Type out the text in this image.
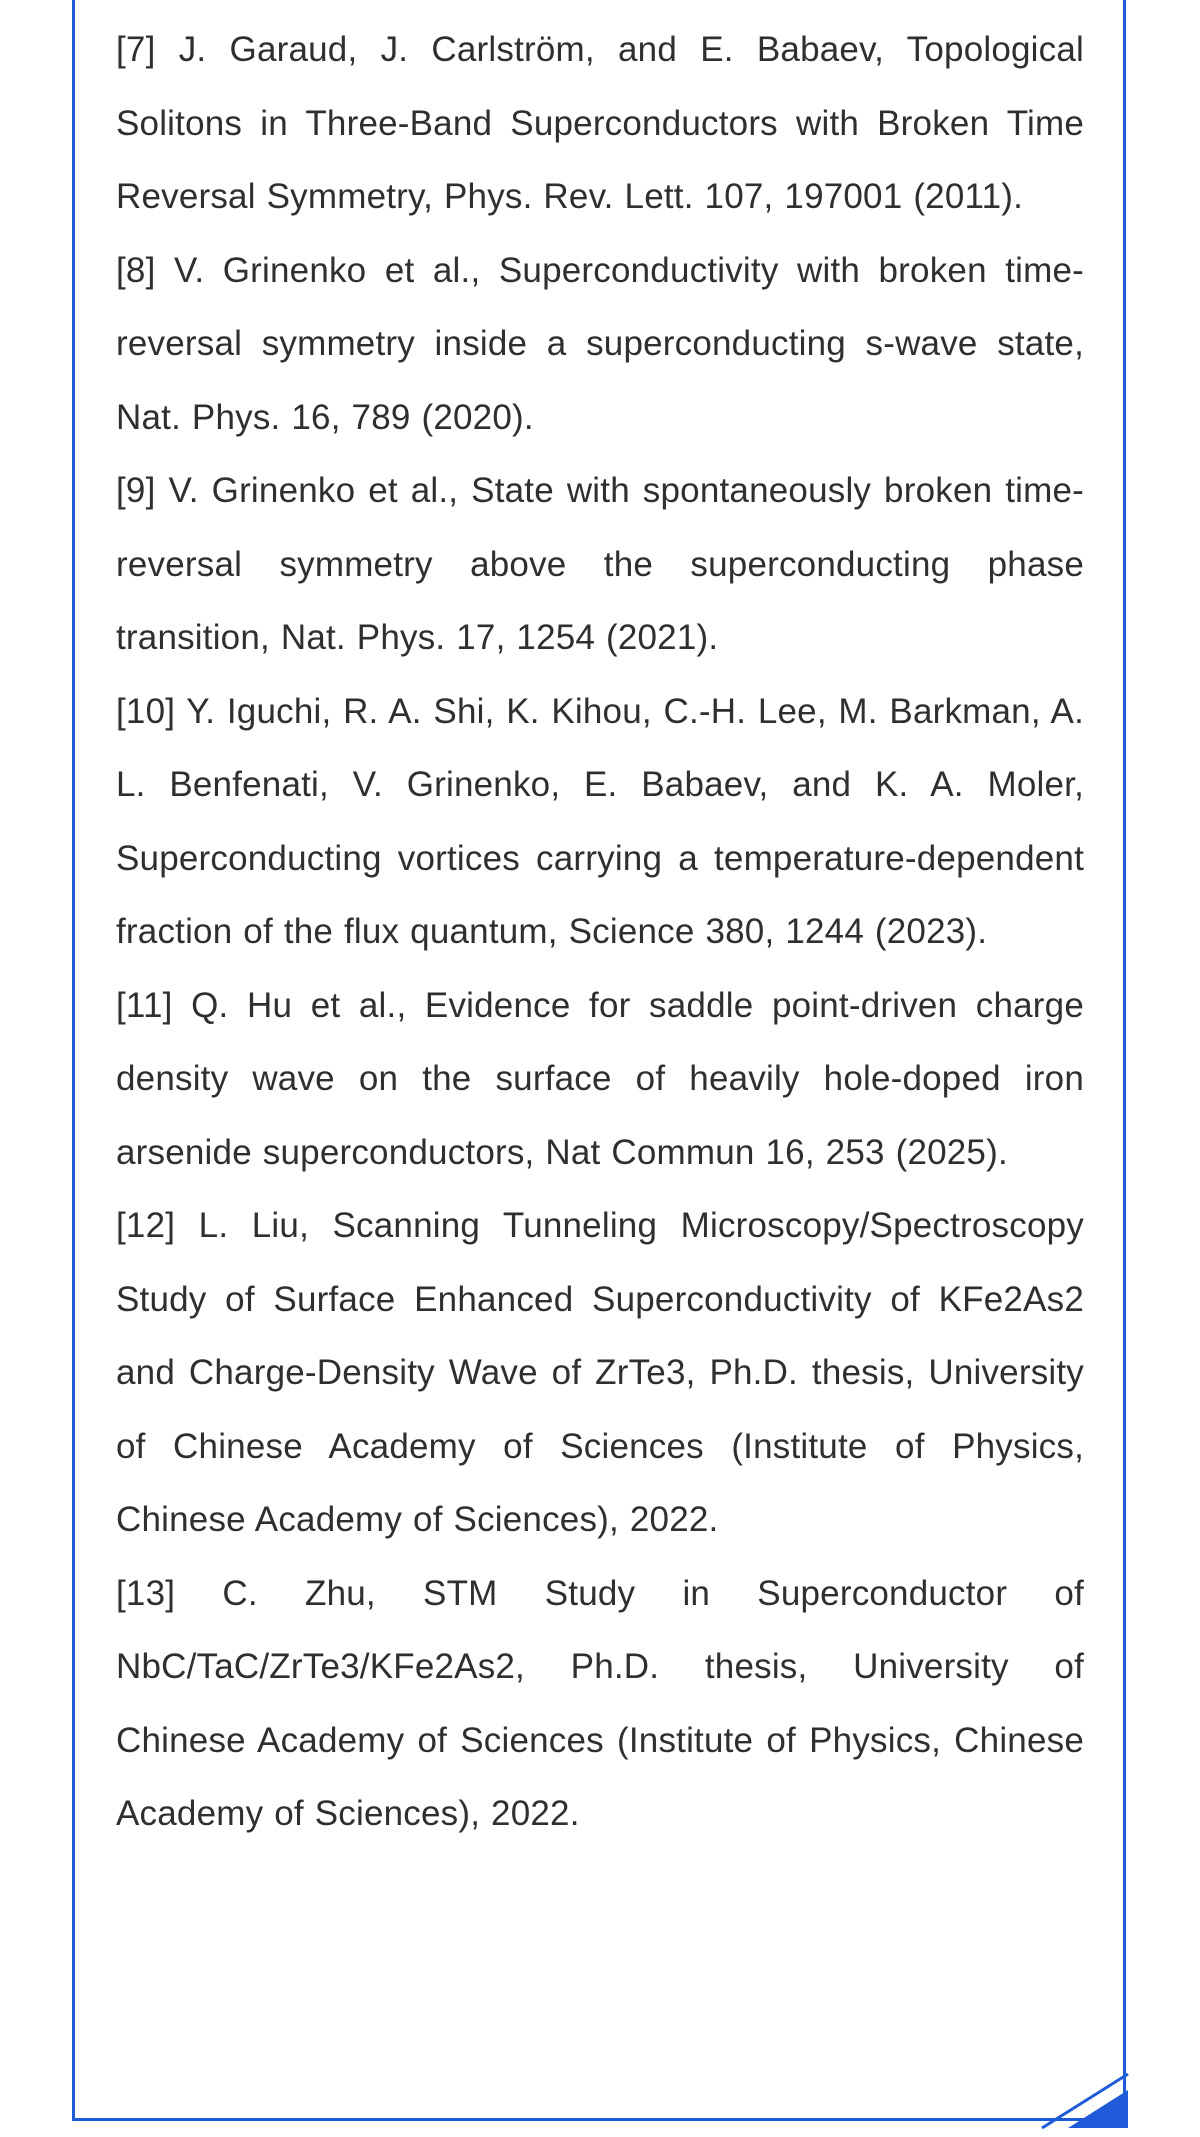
[7] J. Garaud, J. Carlström, and E. Babaev, Topological Solitons in Three-Band Superconductors with Broken Time Reversal Symmetry, Phys. Rev. Lett. 107, 197001 (2011).
[8] V. Grinenko et al., Superconductivity with broken time-reversal symmetry inside a superconducting s-wave state, Nat. Phys. 16, 789 (2020).
[9] V. Grinenko et al., State with spontaneously broken time-reversal symmetry above the superconducting phase transition, Nat. Phys. 17, 1254 (2021).
[10] Y. Iguchi, R. A. Shi, K. Kihou, C.-H. Lee, M. Barkman, A. L. Benfenati, V. Grinenko, E. Babaev, and K. A. Moler, Superconducting vortices carrying a temperature-dependent fraction of the flux quantum, Science 380, 1244 (2023).
[11] Q. Hu et al., Evidence for saddle point-driven charge density wave on the surface of heavily hole-doped iron arsenide superconductors, Nat Commun 16, 253 (2025).
[12] L. Liu, Scanning Tunneling Microscopy/Spectroscopy Study of Surface Enhanced Superconductivity of KFe2As2 and Charge-Density Wave of ZrTe3, Ph.D. thesis, University of Chinese Academy of Sciences (Institute of Physics, Chinese Academy of Sciences), 2022.
[13] C. Zhu, STM Study in Superconductor of NbC/TaC/ZrTe3/KFe2As2, Ph.D. thesis, University of Chinese Academy of Sciences (Institute of Physics, Chinese Academy of Sciences), 2022.
